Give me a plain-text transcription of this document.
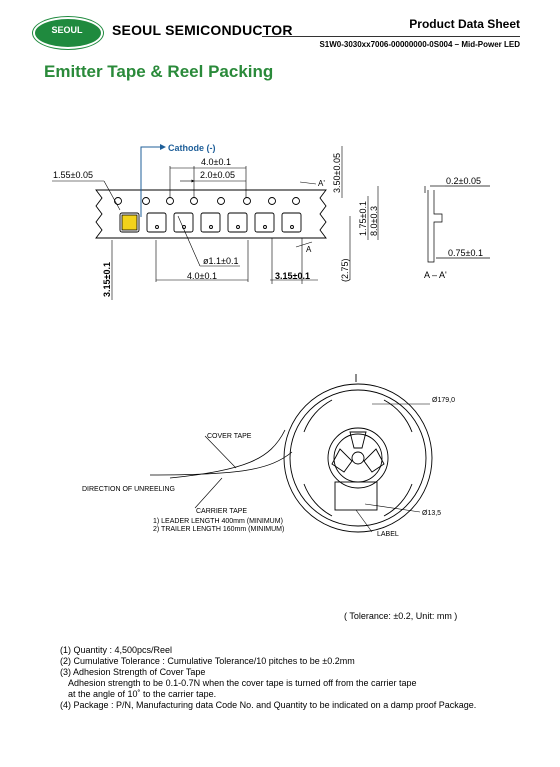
SEOUL	SEOUL SEMICONDUCTOR	Product Data Sheet
S1W0-3030xx7006-00000000-0S004 – Mid-Power LED
Emitter Tape & Reel Packing
Cathode (-)
4.0±0.1
2.0±0.05
1.55±0.05
ø1.1±0.1
4.0±0.1	3.15±0.1
3.15±0.1
3.50±0.05
1.75±0.1 8.0±0.3
(2.75)
A'
A
0.2±0.05
0.75±0.1
A – A'
COVER TAPE
DIRECTION OF UNREELING
CARRIER TAPE
1) LEADER LENGTH 400mm (MINIMUM)
2) TRAILER LENGTH 160mm (MINIMUM)
Ø179,0
Ø13,5
LABEL
( Tolerance: ±0.2, Unit: mm )
(1) Quantity : 4,500pcs/Reel
(2) Cumulative Tolerance : Cumulative Tolerance/10 pitches to be ±0.2mm
(3) Adhesion Strength of Cover Tape
Adhesion strength to be 0.1-0.7N when the cover tape is turned off from the carrier tape
at the angle of 10˚ to the carrier tape.
(4) Package : P/N, Manufacturing data Code No. and Quantity to be indicated on a damp proof Package.
